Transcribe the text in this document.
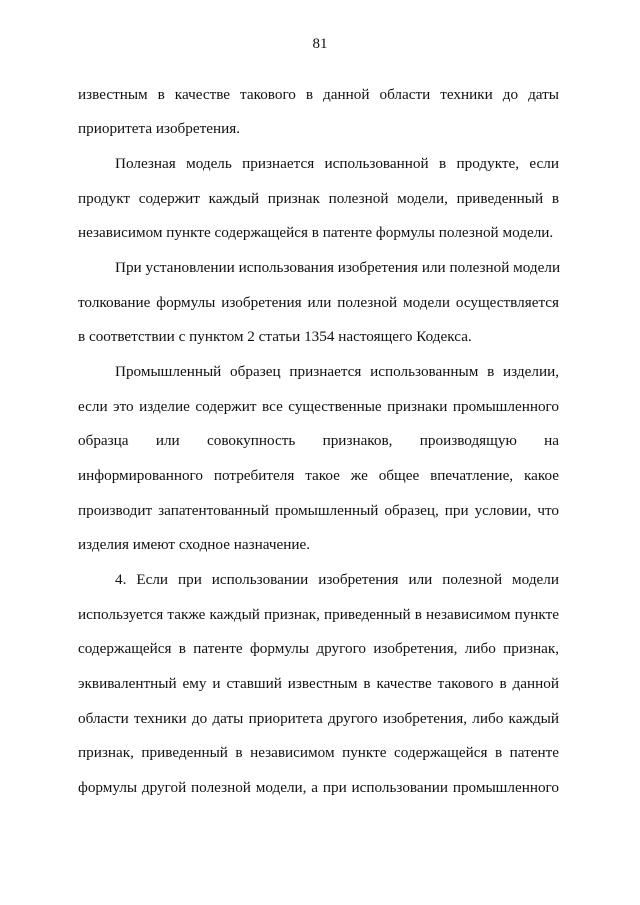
81

известным в качестве такового в данной области техники до даты

приоритета изобретения.

Полезная модель признается использованной в продукте, если

продукт содержит каждый признак полезной модели, приведенный в

независимом пункте содержащейся в патенте формулы полезной модели.

При установлении использования изобретения или полезной модели

толкование формулы изобретения или полезной модели осуществляется

в соответствии с пунктом 2 статьи 1354 настоящего Кодекса.

Промышленный образец признается использованным в изделии,

если это изделие содержит все существенные признаки промышленного

образца или совокупность признаков, производящую на

информированного потребителя такое же общее впечатление, какое

производит запатентованный промышленный образец, при условии, что

изделия имеют сходное назначение.

4. Если при использовании изобретения или полезной модели

используется также каждый признак, приведенный в независимом пункте

содержащейся в патенте формулы другого изобретения, либо признак,

эквивалентный ему и ставший известным в качестве такового в данной

области техники до даты приоритета другого изобретения, либо каждый

признак, приведенный в независимом пункте содержащейся в патенте

формулы другой полезной модели, а при использовании промышленного
